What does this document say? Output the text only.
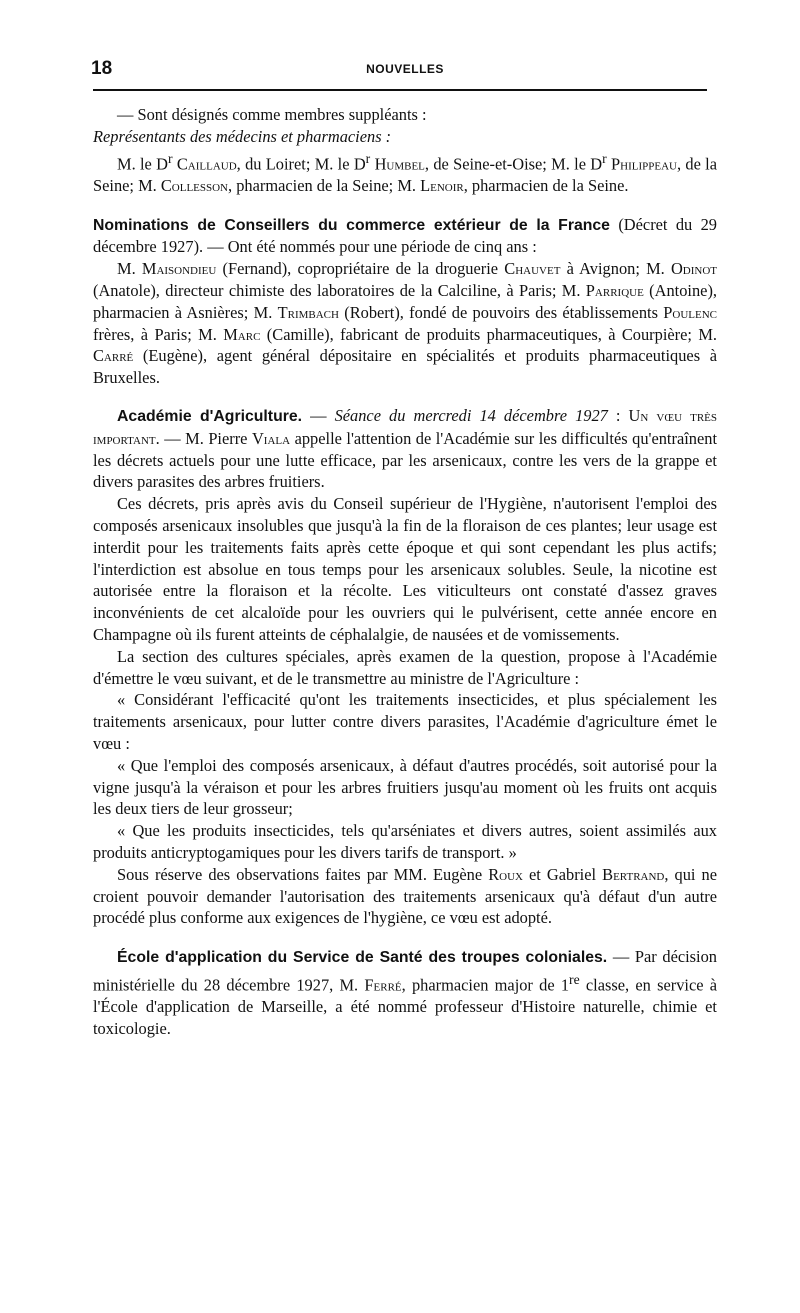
18	NOUVELLES

— Sont désignés comme membres suppléants :

Représentants des médecins et pharmaciens :

M. le $D^r$ Caillaud, du Loiret; M. le $D^r$ Humbel, de Seine-et-Oise; M. le $D^r$ Philippeau, de la Seine; M. Collesson, pharmacien de la Seine; M. Lenoir, pharmacien de la Seine.

Nominations de Conseillers du commerce extérieur de la France (Décret du 29 décembre 1927). — Ont été nommés pour une période de cinq ans :

M. Maisondieu (Fernand), copropriétaire de la droguerie Chauvet à Avignon; M. Odinot (Anatole), directeur chimiste des laboratoires de la Calciline, à Paris; M. Parrique (Antoine), pharmacien à Asnières; M. Trimbach (Robert), fondé de pouvoirs des établissements Poulenc frères, à Paris; M. Marc (Camille), fabricant de produits pharmaceutiques, à Courpière; M. Carré (Eugène), agent général dépositaire en spécialités et produits pharmaceutiques à Bruxelles.

Académie d'Agriculture. — Séance du mercredi 14 décembre 1927 : Un vœu très important. — M. Pierre Viala appelle l'attention de l'Académie sur les difficultés qu'entraînent les décrets actuels pour une lutte efficace, par les arsenicaux, contre les vers de la grappe et divers parasites des arbres fruitiers.

Ces décrets, pris après avis du Conseil supérieur de l'Hygiène, n'autorisent l'emploi des composés arsenicaux insolubles que jusqu'à la fin de la floraison de ces plantes; leur usage est interdit pour les traitements faits après cette époque et qui sont cependant les plus actifs; l'interdiction est absolue en tous temps pour les arsenicaux solubles. Seule, la nicotine est autorisée entre la floraison et la récolte. Les viticulteurs ont constaté d'assez graves inconvénients de cet alcaloïde pour les ouvriers qui le pulvérisent, cette année encore en Champagne où ils furent atteints de céphalalgie, de nausées et de vomissements.

La section des cultures spéciales, après examen de la question, propose à l'Académie d'émettre le vœu suivant, et de le transmettre au ministre de l'Agriculture :

« Considérant l'efficacité qu'ont les traitements insecticides, et plus spécialement les traitements arsenicaux, pour lutter contre divers parasites, l'Académie d'agriculture émet le vœu :

« Que l'emploi des composés arsenicaux, à défaut d'autres procédés, soit autorisé pour la vigne jusqu'à la véraison et pour les arbres fruitiers jusqu'au moment où les fruits ont acquis les deux tiers de leur grosseur;

« Que les produits insecticides, tels qu'arséniates et divers autres, soient assimilés aux produits anticryptogamiques pour les divers tarifs de transport. »

Sous réserve des observations faites par MM. Eugène Roux et Gabriel Bertrand, qui ne croient pouvoir demander l'autorisation des traitements arsenicaux qu'à défaut d'un autre procédé plus conforme aux exigences de l'hygiène, ce vœu est adopté.

École d'application du Service de Santé des troupes coloniales. — Par décision ministérielle du 28 décembre 1927, M. Ferré, pharmacien major de 1re classe, en service à l'École d'application de Marseille, a été nommé professeur d'Histoire naturelle, chimie et toxicologie.
